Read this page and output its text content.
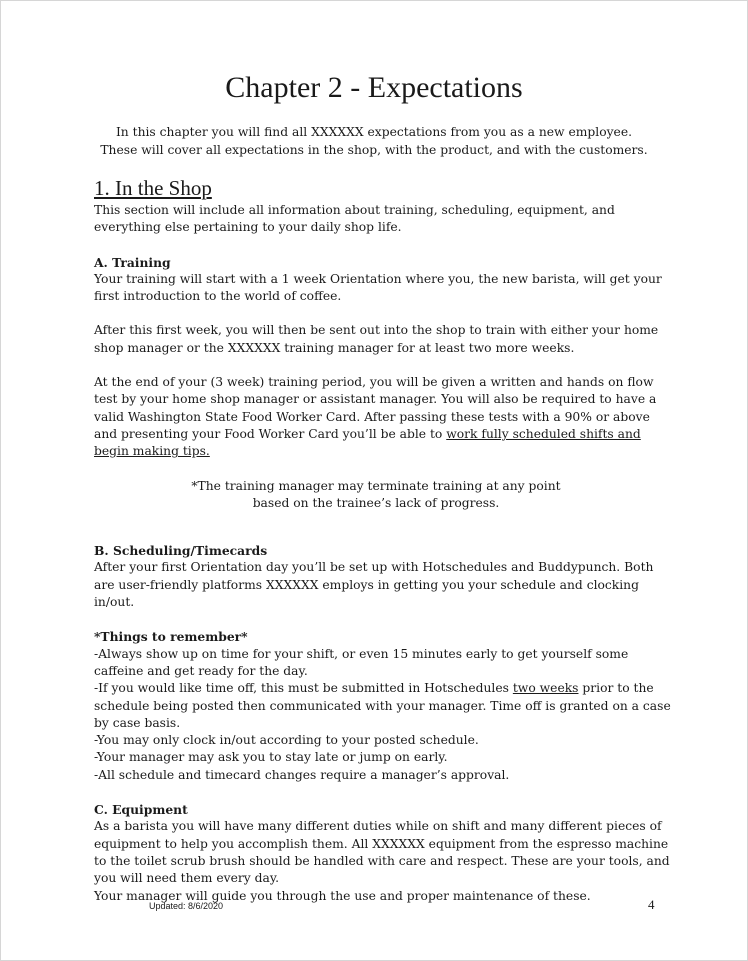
Chapter 2 - Expectations
In this chapter you will find all XXXXXX expectations from you as a new employee.
These will cover all expectations in the shop, with the product, and with the customers.
1. In the Shop

This section will include all information about training, scheduling, equipment, and everything else pertaining to your daily shop life.

A. Training

Your training will start with a 1 week Orientation where you, the new barista, will get your first introduction to the world of coffee.

After this first week, you will then be sent out into the shop to train with either your home shop manager or the XXXXXX training manager for at least two more weeks.

At the end of your (3 week) training period, you will be given a written and hands on flow test by your home shop manager or assistant manager. You will also be required to have a valid Washington State Food Worker Card. After passing these tests with a 90% or above and presenting your Food Worker Card you’ll be able to work fully scheduled shifts and begin making tips.

*The training manager may terminate training at any point
based on the trainee’s lack of progress.

B. Scheduling/Timecards

After your first Orientation day you’ll be set up with Hotschedules and Buddypunch. Both are user-friendly platforms XXXXXX employs in getting you your schedule and clocking in/out.

*Things to remember*

-Always show up on time for your shift, or even 15 minutes early to get yourself some caffeine and get ready for the day.

-If you would like time off, this must be submitted in Hotschedules two weeks prior to the schedule being posted then communicated with your manager. Time off is granted on a case by case basis.

-You may only clock in/out according to your posted schedule.

-Your manager may ask you to stay late or jump on early.

-All schedule and timecard changes require a manager’s approval.

C. Equipment

As a barista you will have many different duties while on shift and many different pieces of equipment to help you accomplish them. All XXXXXX equipment from the espresso machine to the toilet scrub brush should be handled with care and respect. These are your tools, and you will need them every day.

Your manager will guide you through the use and proper maintenance of these.

Updated: 8/6/2020	4
